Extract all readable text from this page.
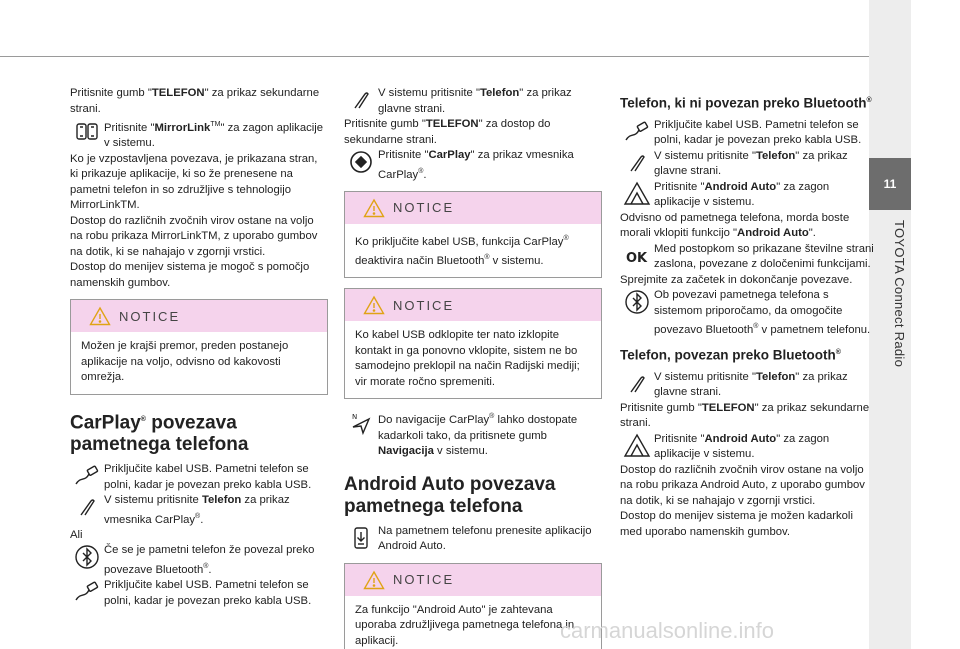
11
TOYOTA Connect Radio

Pritisnite gumb "TELEFON" za prikaz sekundarne strani.

Pritisnite "MirrorLink™" za zagon aplikacije v sistemu.

Ko je vzpostavljena povezava, je prikazana stran, ki prikazuje aplikacije, ki so že prenesene na pametni telefon in so združljive s tehnologijo MirrorLinkTM.

Dostop do različnih zvočnih virov ostane na voljo na robu prikaza MirrorLinkTM, z uporabo gumbov na dotik, ki se nahajajo v zgornji vrstici.

Dostop do menijev sistema je mogoč s pomočjo namenskih gumbov.

NOTICE
Možen je krajši premor, preden postanejo aplikacije na voljo, odvisno od kakovosti omrežja.
CarPlay® povezava pametnega telefona

Priključite kabel USB. Pametni telefon se polni, kadar je povezan preko kabla USB.

V sistemu pritisnite Telefon za prikaz vmesnika CarPlay®.

Ali

Če se je pametni telefon že povezal preko povezave Bluetooth®.

Priključite kabel USB. Pametni telefon se polni, kadar je povezan preko kabla USB.

V sistemu pritisnite "Telefon" za prikaz glavne strani.

Pritisnite gumb "TELEFON" za dostop do sekundarne strani.

Pritisnite "CarPlay" za prikaz vmesnika CarPlay®.

NOTICE
Ko priključite kabel USB, funkcija CarPlay® deaktivira način Bluetooth® v sistemu.
NOTICE
Ko kabel USB odklopite ter nato izklopite kontakt in ga ponovno vklopite, sistem ne bo samodejno preklopil na način Radijski mediji; vir morate ročno spremeniti.
N Do navigacije CarPlay® lahko dostopate kadarkoli tako, da pritisnete gumb Navigacija v sistemu.

Android Auto povezava pametnega telefona

Na pametnem telefonu prenesite aplikacijo Android Auto.

NOTICE
Za funkcijo "Android Auto" je zahtevana uporaba združljivega pametnega telefona in aplikacij.
Telefon, ki ni povezan preko Bluetooth®

Priključite kabel USB. Pametni telefon se polni, kadar je povezan preko kabla USB.

V sistemu pritisnite "Telefon" za prikaz glavne strani.

Pritisnite "Android Auto" za zagon aplikacije v sistemu.

Odvisno od pametnega telefona, morda boste morali vklopiti funkcijo "Android Auto".

OK

Med postopkom so prikazane številne strani zaslona, povezane z določenimi funkcijami.

Sprejmite za začetek in dokončanje povezave.

Ob povezavi pametnega telefona s sistemom priporočamo, da omogočite povezavo Bluetooth® v pametnem telefonu.

Telefon, povezan preko Bluetooth®

V sistemu pritisnite "Telefon" za prikaz glavne strani.

Pritisnite gumb "TELEFON" za prikaz sekundarne strani.

Pritisnite "Android Auto" za zagon aplikacije v sistemu.

Dostop do različnih zvočnih virov ostane na voljo na robu prikaza Android Auto, z uporabo gumbov na dotik, ki se nahajajo v zgornji vrstici.

Dostop do menijev sistema je možen kadarkoli med uporabo namenskih gumbov.

carmanualsonline.info
